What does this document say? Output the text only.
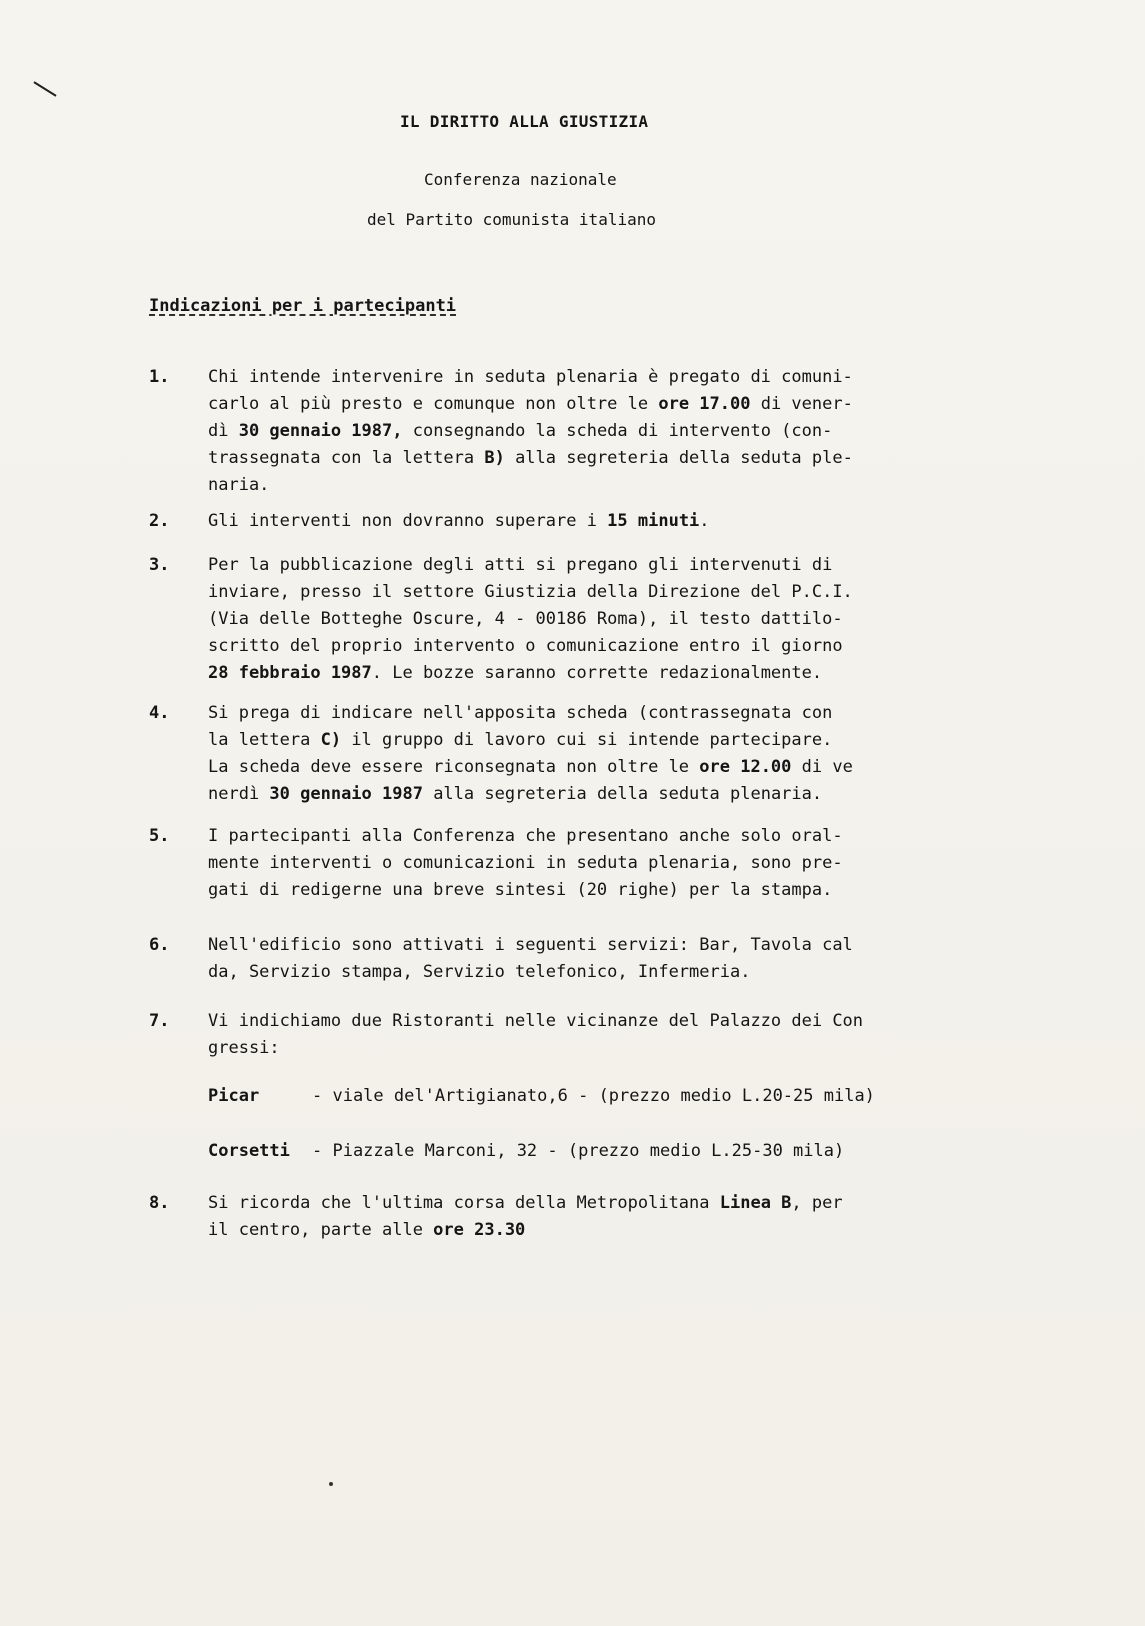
IL DIRITTO ALLA GIUSTIZIA
Conferenza nazionale
del Partito comunista italiano
Indicazioni per i partecipanti
1. Chi intende intervenire in seduta plenaria è pregato di comuni-
carlo al più presto e comunque non oltre le ore 17.00 di vener-
dì 30 gennaio 1987, consegnando la scheda di intervento (con-
trassegnata con la lettera B) alla segreteria della seduta ple-
naria.
2. Gli interventi non dovranno superare i 15 minuti.
3. Per la pubblicazione degli atti si pregano gli intervenuti di
inviare, presso il settore Giustizia della Direzione del P.C.I.
(Via delle Botteghe Oscure, 4 - 00186 Roma), il testo dattilo-
scritto del proprio intervento o comunicazione entro il giorno
28 febbraio 1987. Le bozze saranno corrette redazionalmente.
4. Si prega di indicare nell'apposita scheda (contrassegnata con
la lettera C) il gruppo di lavoro cui si intende partecipare.
La scheda deve essere riconsegnata non oltre le ore 12.00 di ve
nerdì 30 gennaio 1987 alla segreteria della seduta plenaria.
5. I partecipanti alla Conferenza che presentano anche solo oral-
mente interventi o comunicazioni in seduta plenaria, sono pre-
gati di redigerne una breve sintesi (20 righe) per la stampa.
6. Nell'edificio sono attivati i seguenti servizi: Bar, Tavola cal
da, Servizio stampa, Servizio telefonico, Infermeria.
7. Vi indichiamo due Ristoranti nelle vicinanze del Palazzo dei Con
gressi:
Picar	- viale del'Artigianato,6 - (prezzo medio L.20-25 mila)
Corsetti - Piazzale Marconi, 32 - (prezzo medio L.25-30 mila)
8. Si ricorda che l'ultima corsa della Metropolitana Linea B, per
il centro, parte alle ore 23.30
